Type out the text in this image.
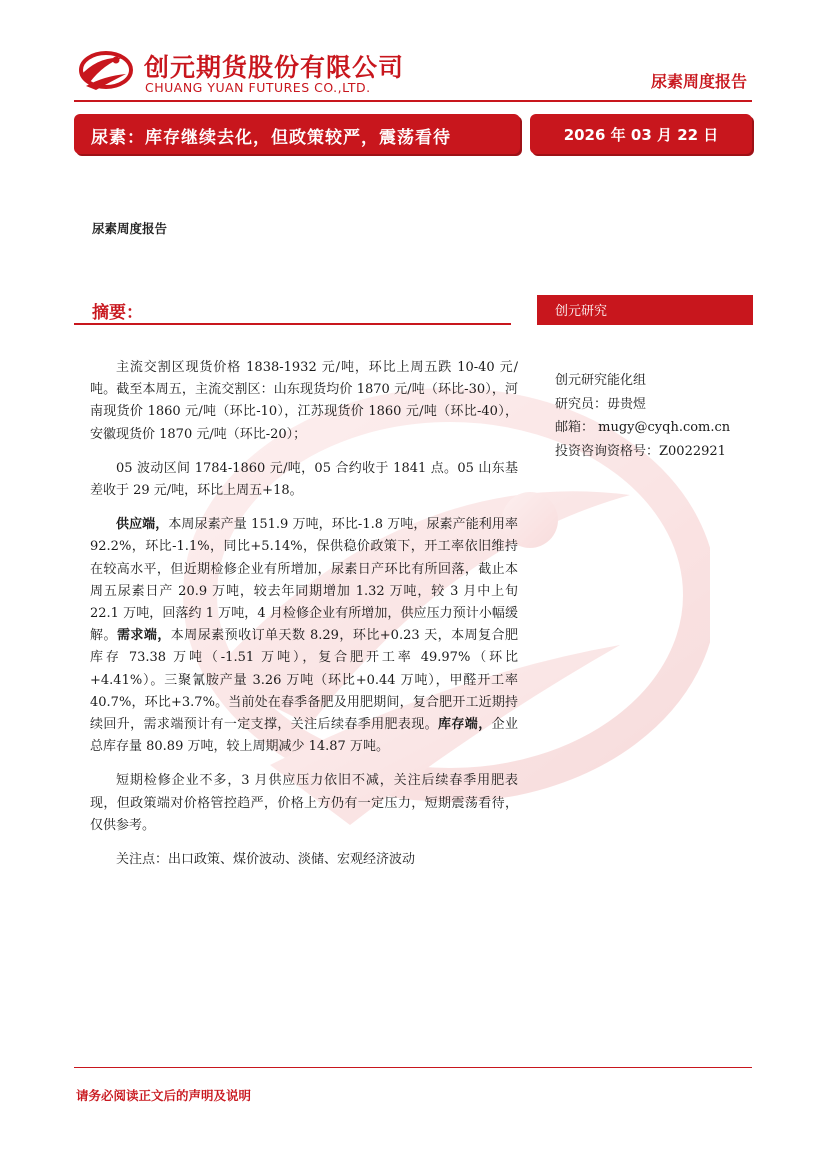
创元期货股份有限公司
CHUANG YUAN FUTURES CO.,LTD.	尿素周度报告
尿素：库存继续去化，但政策较严，震荡看待	2026 年 03 月 22 日
尿素周度报告
摘要：	创元研究
创元研究能化组
研究员：毋贵煜
邮箱： mugy@cyqh.com.cn
投资咨询资格号：Z0022921

主流交割区现货价格 1838-1932 元/吨，环比上周五跌 10-40 元/吨。截至本周五，主流交割区：山东现货均价 1870 元/吨（环比-30），河南现货价 1860 元/吨（环比-10），江苏现货价 1860 元/吨（环比-40），安徽现货价 1870 元/吨（环比-20）；

05 波动区间 1784-1860 元/吨，05 合约收于 1841 点。05 山东基差收于 29 元/吨，环比上周五+18。

供应端，本周尿素产量 151.9 万吨，环比-1.8 万吨，尿素产能利用率 92.2%，环比-1.1%，同比+5.14%，保供稳价政策下，开工率依旧维持在较高水平，但近期检修企业有所增加，尿素日产环比有所回落，截止本周五尿素日产 20.9 万吨，较去年同期增加 1.32 万吨，较 3 月中上旬 22.1 万吨，回落约 1 万吨，4 月检修企业有所增加，供应压力预计小幅缓解。需求端，本周尿素预收订单天数 8.29，环比+0.23 天，本周复合肥库存 73.38 万吨（-1.51 万吨），复合肥开工率 49.97%（环比+4.41%）。三聚氰胺产量 3.26 万吨（环比+0.44 万吨），甲醛开工率 40.7%，环比+3.7%。当前处在春季备肥及用肥期间，复合肥开工近期持续回升，需求端预计有一定支撑，关注后续春季用肥表现。库存端，企业总库存量 80.89 万吨，较上周期减少 14.87 万吨。

短期检修企业不多，3 月供应压力依旧不减，关注后续春季用肥表现，但政策端对价格管控趋严，价格上方仍有一定压力，短期震荡看待，仅供参考。

关注点：出口政策、煤价波动、淡储、宏观经济波动

请务必阅读正文后的声明及说明
